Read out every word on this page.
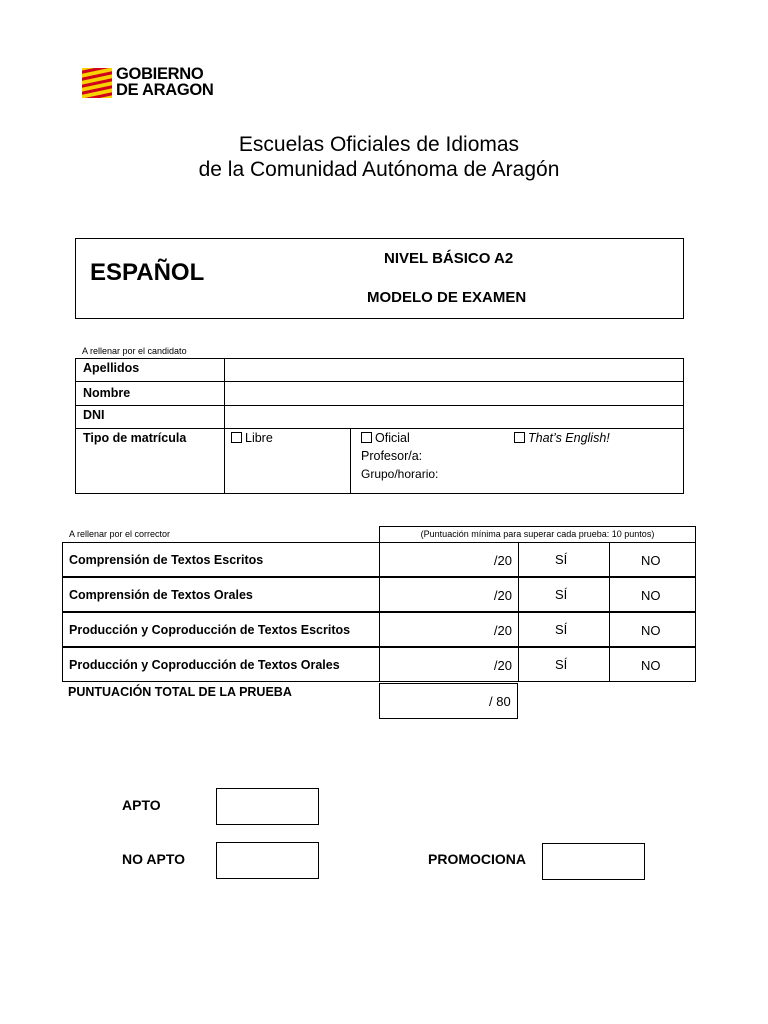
GOBIERNO
DE ARAGON
Escuelas Oficiales de Idiomas
de la Comunidad Autónoma de Aragón
ESPAÑOL
NIVEL BÁSICO A2
MODELO DE EXAMEN
A rellenar por el candidato
Apellidos
Nombre
DNI
Tipo de matrícula	Libre	Oficial	That’s English!
Profesor/a:
Grupo/horario:
A rellenar por el corrector	(Puntuación mínima para superar cada prueba: 10 puntos)
Comprensión de Textos Escritos	/20	SÍ	NO
Comprensión de Textos Orales	/20	SÍ	NO
Producción y Coproducción de Textos Escritos	/20	SÍ	NO
Producción y Coproducción de Textos Orales	/20	SÍ	NO
PUNTUACIÓN TOTAL DE LA PRUEBA
/ 80
APTO
NO APTO	PROMOCIONA
